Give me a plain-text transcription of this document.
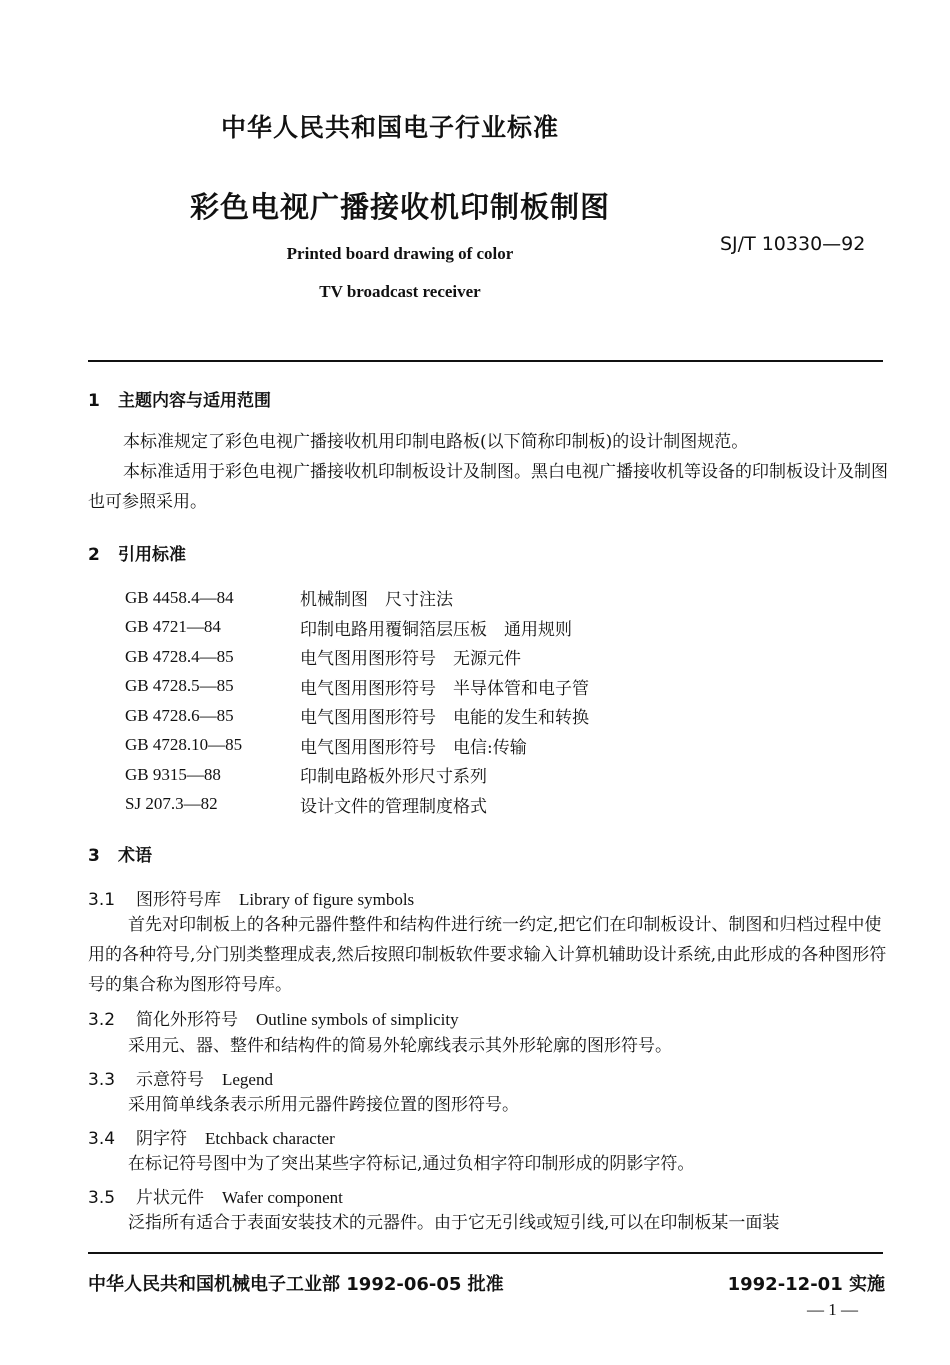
中华人民共和国电子行业标准
彩色电视广播接收机印制板制图
SJ/T 10330—92
Printed board drawing of color
TV broadcast receiver
1 主题内容与适用范围
本标准规定了彩色电视广播接收机用印制电路板(以下简称印制板)的设计制图规范。
本标准适用于彩色电视广播接收机印制板设计及制图。黑白电视广播接收机等设备的印制板设计及制图也可参照采用。
2 引用标准
GB 4458.4—84	机械制图　尺寸注法
GB 4721—84	印制电路用覆铜箔层压板　通用规则
GB 4728.4—85	电气图用图形符号　无源元件
GB 4728.5—85	电气图用图形符号　半导体管和电子管
GB 4728.6—85	电气图用图形符号　电能的发生和转换
GB 4728.10—85	电气图用图形符号　电信:传输
GB 9315—88	印制电路板外形尺寸系列
SJ 207.3—82	设计文件的管理制度格式
3 术语
3.1 图形符号库 Library of figure symbols
首先对印制板上的各种元器件整件和结构件进行统一约定,把它们在印制板设计、制图和归档过程中使用的各种符号,分门别类整理成表,然后按照印制板软件要求输入计算机辅助设计系统,由此形成的各种图形符号的集合称为图形符号库。
3.2 简化外形符号 Outline symbols of simplicity
采用元、器、整件和结构件的简易外轮廓线表示其外形轮廓的图形符号。
3.3 示意符号 Legend
采用简单线条表示所用元器件跨接位置的图形符号。
3.4 阴字符 Etchback character
在标记符号图中为了突出某些字符标记,通过负相字符印制形成的阴影字符。
3.5 片状元件 Wafer component
泛指所有适合于表面安装技术的元器件。由于它无引线或短引线,可以在印制板某一面装
中华人民共和国机械电子工业部 1992-06-05 批准	1992-12-01 实施
— 1 —
